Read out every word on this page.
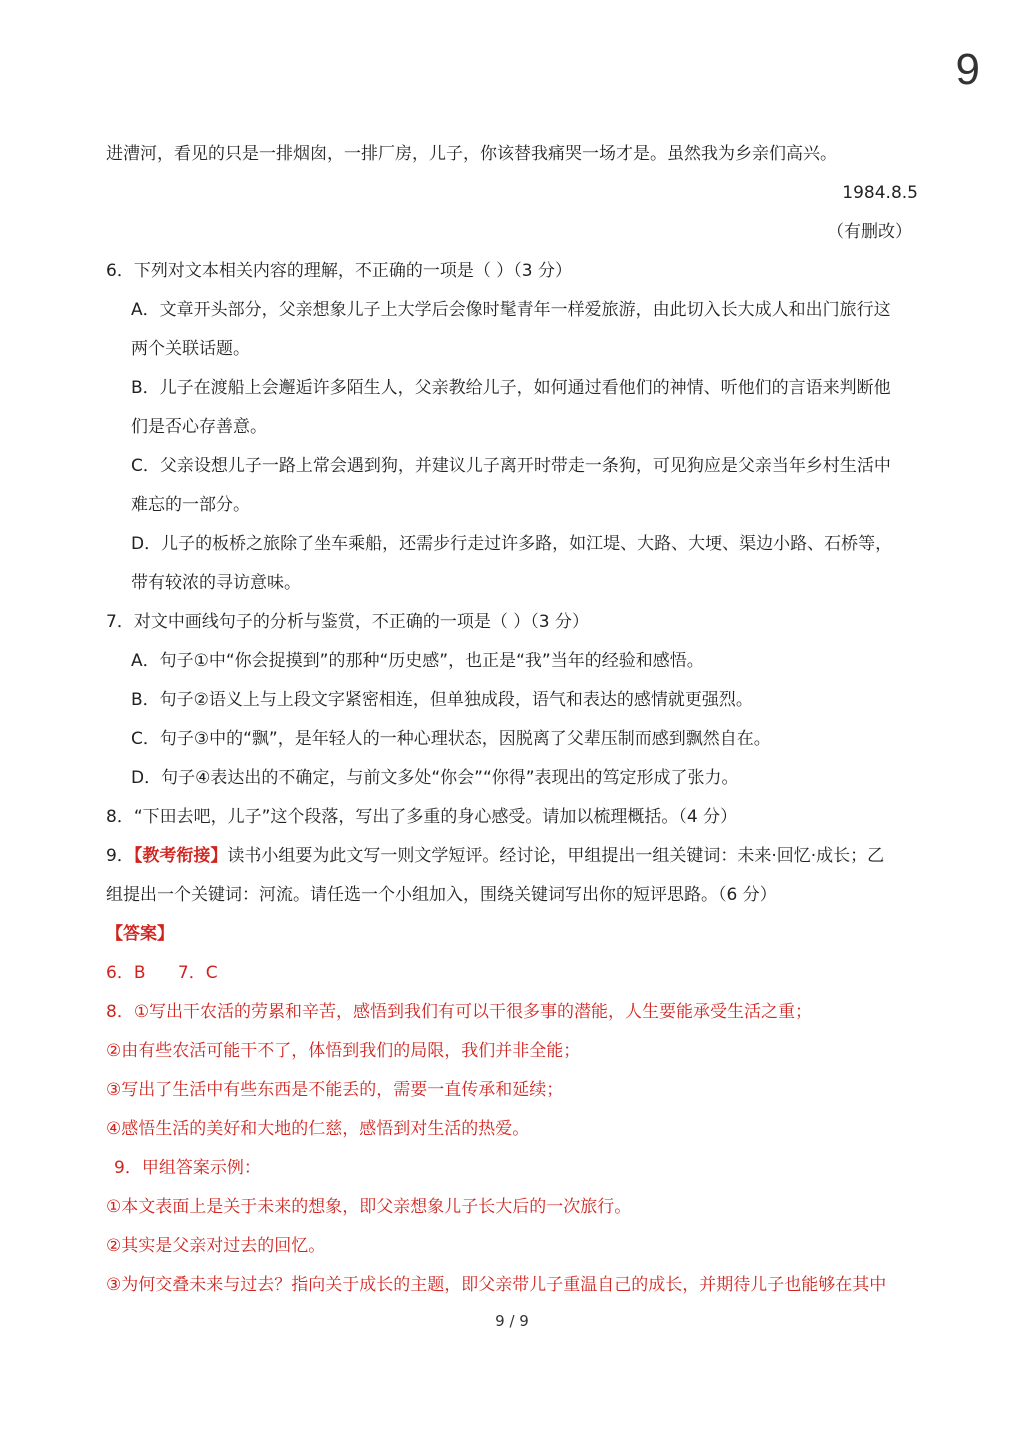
9
进漕河，看见的只是一排烟囱，一排厂房，儿子，你该替我痛哭一场才是。虽然我为乡亲们高兴。
1984.8.5
（有删改）
6．下列对文本相关内容的理解，不正确的一项是（ ）（3 分）
A．文章开头部分，父亲想象儿子上大学后会像时髦青年一样爱旅游，由此切入长大成人和出门旅行这
两个关联话题。
B．儿子在渡船上会邂逅许多陌生人，父亲教给儿子，如何通过看他们的神情、听他们的言语来判断他
们是否心存善意。
C．父亲设想儿子一路上常会遇到狗，并建议儿子离开时带走一条狗，可见狗应是父亲当年乡村生活中
难忘的一部分。
D．儿子的板桥之旅除了坐车乘船，还需步行走过许多路，如江堤、大路、大埂、渠边小路、石桥等，
带有较浓的寻访意味。
7．对文中画线句子的分析与鉴赏，不正确的一项是（ ）（3 分）
A．句子①中“你会捉摸到”的那种“历史感”，也正是“我”当年的经验和感悟。
B．句子②语义上与上段文字紧密相连，但单独成段，语气和表达的感情就更强烈。
C．句子③中的“飘”，是年轻人的一种心理状态，因脱离了父辈压制而感到飘然自在。
D．句子④表达出的不确定，与前文多处“你会”“你得”表现出的笃定形成了张力。
8．“下田去吧，儿子”这个段落，写出了多重的身心感受。请加以梳理概括。（4 分）
9．【教考衔接】读书小组要为此文写一则文学短评。经讨论，甲组提出一组关键词：未来·回忆·成长；乙
组提出一个关键词：河流。请任选一个小组加入，围绕关键词写出你的短评思路。（6 分）
【答案】
6．B      7．C
8．①写出干农活的劳累和辛苦，感悟到我们有可以干很多事的潜能，人生要能承受生活之重；
②由有些农活可能干不了，体悟到我们的局限，我们并非全能；
③写出了生活中有些东西是不能丢的，需要一直传承和延续；
④感悟生活的美好和大地的仁慈，感悟到对生活的热爱。
9．甲组答案示例：
①本文表面上是关于未来的想象，即父亲想象儿子长大后的一次旅行。
②其实是父亲对过去的回忆。
③为何交叠未来与过去？指向关于成长的主题，即父亲带儿子重温自己的成长，并期待儿子也能够在其中
9 / 9
